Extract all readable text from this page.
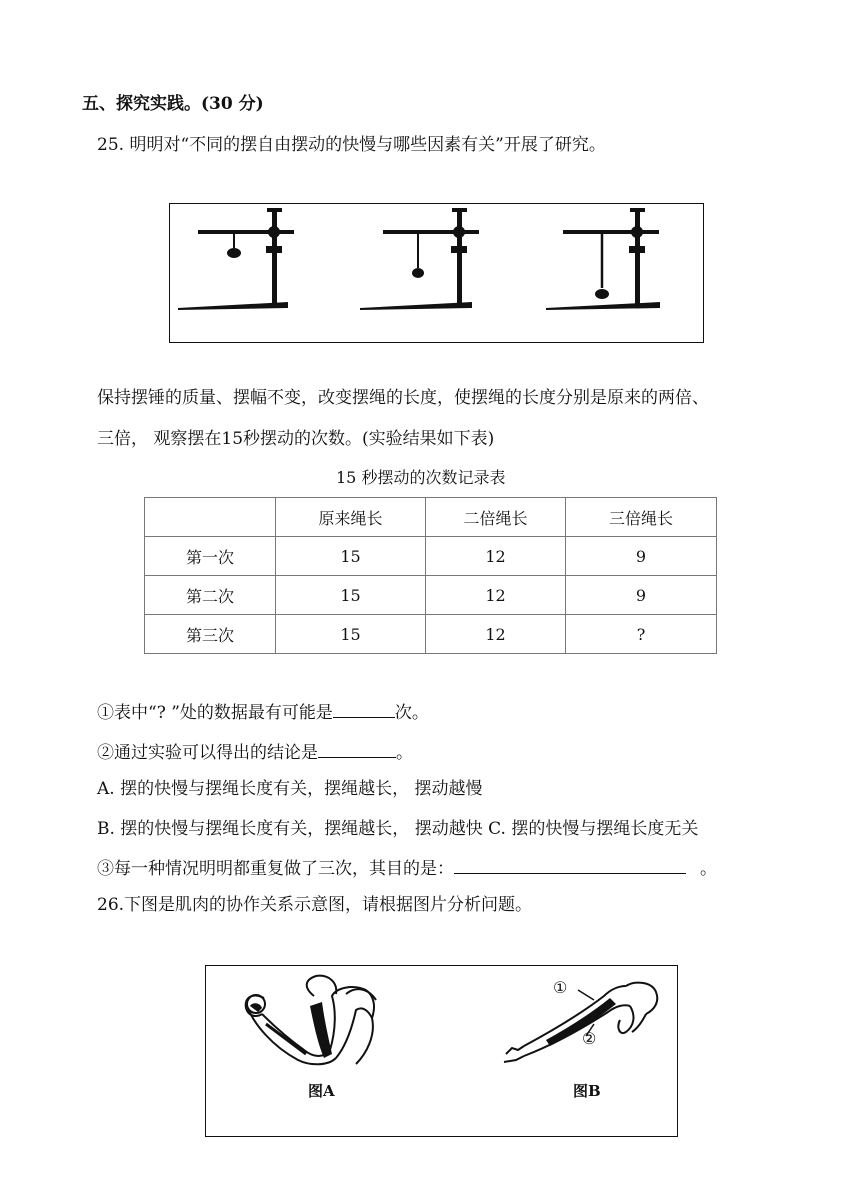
五、探究实践。(30 分)
25. 明明对“不同的摆自由摆动的快慢与哪些因素有关”开展了研究。
保持摆锤的质量、摆幅不变，改变摆绳的长度，使摆绳的长度分别是原来的两倍、
三倍， 观察摆在15秒摆动的次数。(实验结果如下表)
15 秒摆动的次数记录表
	原来绳长	二倍绳长	三倍绳长
第一次	15	12	9
第二次	15	12	9
第三次	15	12	?
①表中“? ”处的数据最有可能是	次。
②通过实验可以得出的结论是	。
A. 摆的快慢与摆绳长度有关，摆绳越长， 摆动越慢
B. 摆的快慢与摆绳长度有关，摆绳越长， 摆动越快 C. 摆的快慢与摆绳长度无关
③每一种情况明明都重复做了三次，其目的是：	。
26.下图是肌肉的协作关系示意图，请根据图片分析问题。
①
②
图A	图B
